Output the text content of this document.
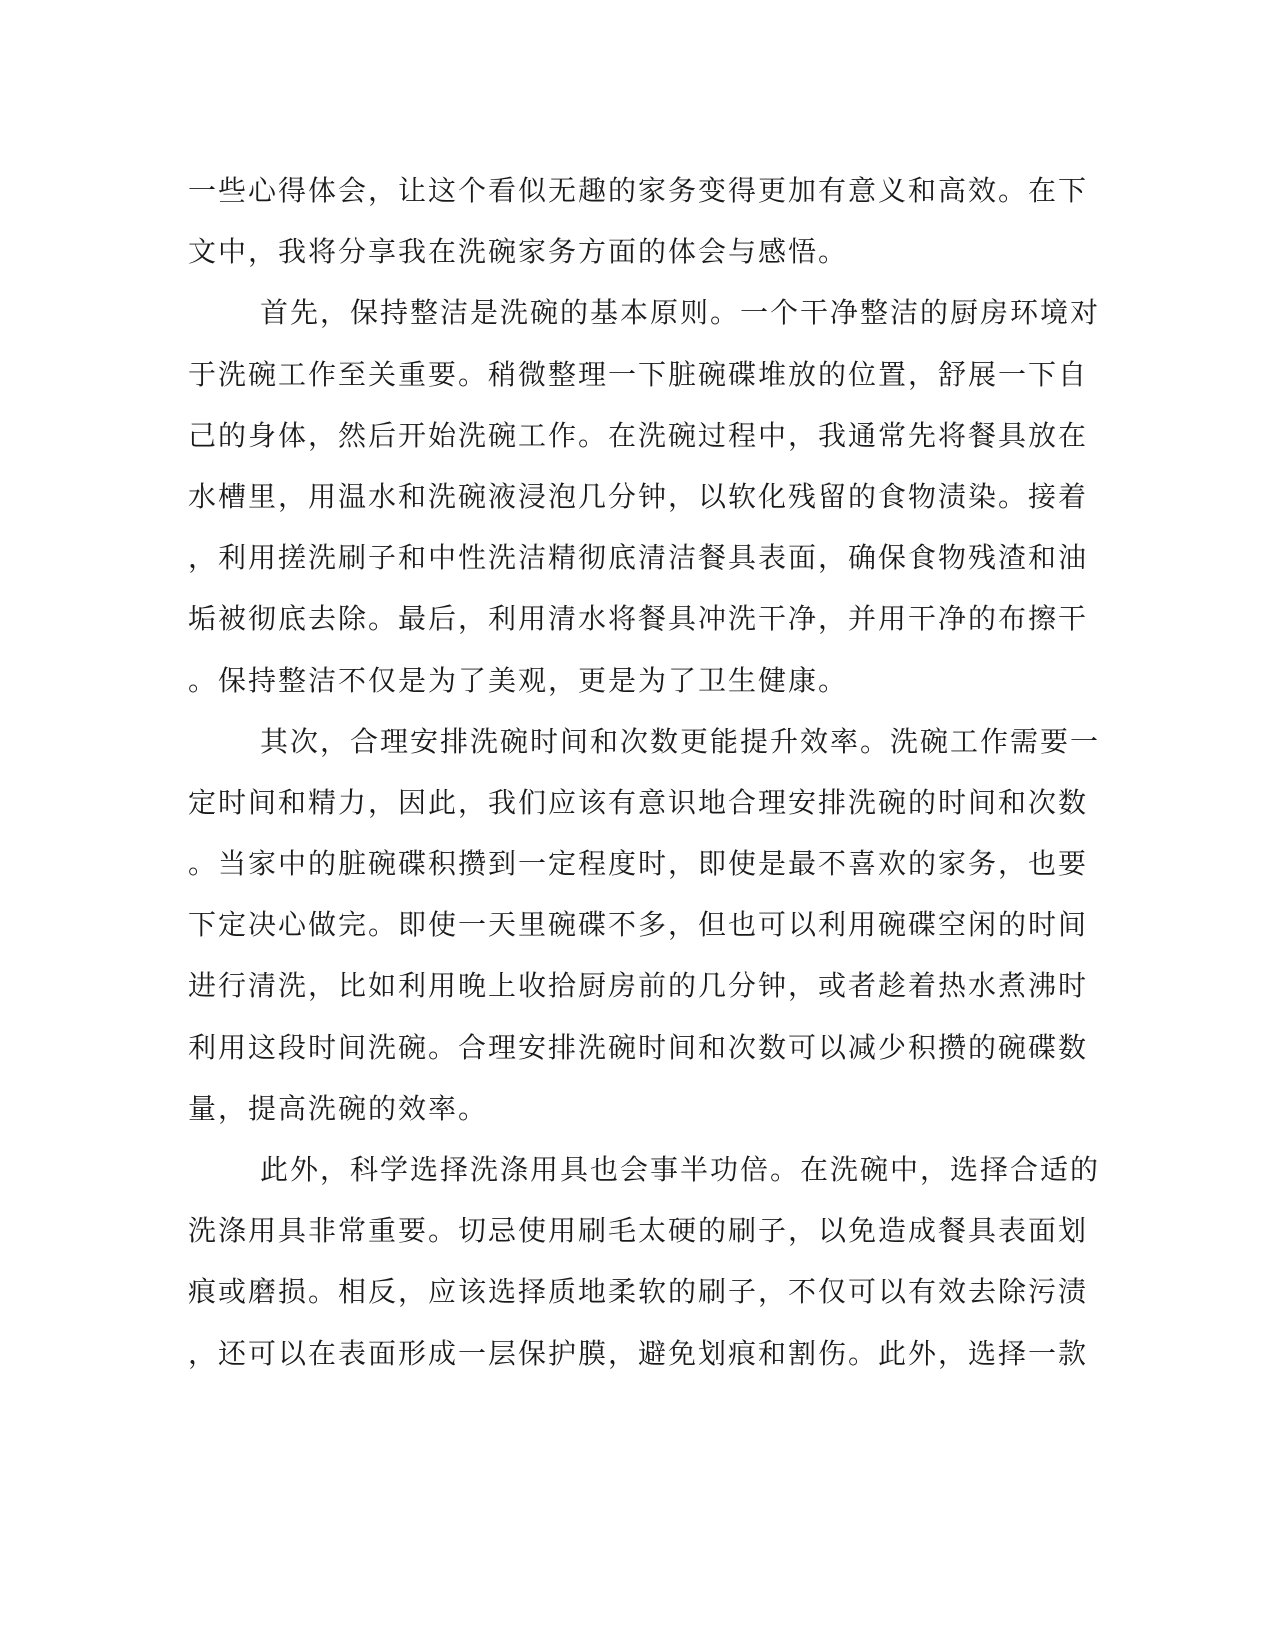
一些心得体会，让这个看似无趣的家务变得更加有意义和高效。在下
文中，我将分享我在洗碗家务方面的体会与感悟。
首先，保持整洁是洗碗的基本原则。一个干净整洁的厨房环境对
于洗碗工作至关重要。稍微整理一下脏碗碟堆放的位置，舒展一下自
己的身体，然后开始洗碗工作。在洗碗过程中，我通常先将餐具放在
水槽里，用温水和洗碗液浸泡几分钟，以软化残留的食物渍染。接着
，利用搓洗刷子和中性洗洁精彻底清洁餐具表面，确保食物残渣和油
垢被彻底去除。最后，利用清水将餐具冲洗干净，并用干净的布擦干
。保持整洁不仅是为了美观，更是为了卫生健康。
其次，合理安排洗碗时间和次数更能提升效率。洗碗工作需要一
定时间和精力，因此，我们应该有意识地合理安排洗碗的时间和次数
。当家中的脏碗碟积攒到一定程度时，即使是最不喜欢的家务，也要
下定决心做完。即使一天里碗碟不多，但也可以利用碗碟空闲的时间
进行清洗，比如利用晚上收拾厨房前的几分钟，或者趁着热水煮沸时
利用这段时间洗碗。合理安排洗碗时间和次数可以减少积攒的碗碟数
量，提高洗碗的效率。
此外，科学选择洗涤用具也会事半功倍。在洗碗中，选择合适的
洗涤用具非常重要。切忌使用刷毛太硬的刷子，以免造成餐具表面划
痕或磨损。相反，应该选择质地柔软的刷子，不仅可以有效去除污渍
，还可以在表面形成一层保护膜，避免划痕和割伤。此外，选择一款
